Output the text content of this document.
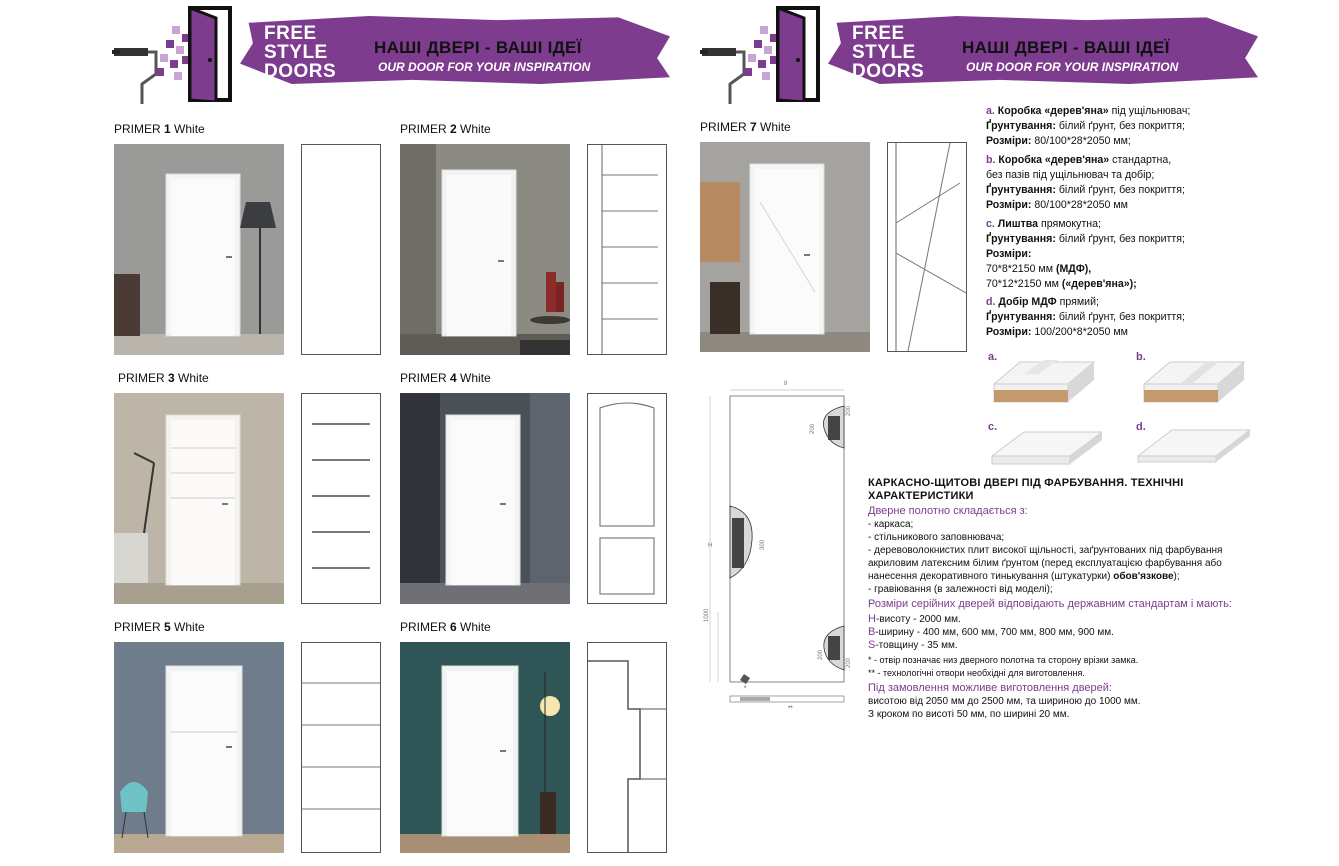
FREE
STYLE
DOORS
НАШІ ДВЕРІ - ВАШІ ІДЕЇ
OUR DOOR FOR YOUR INSPIRATION
FREE
STYLE
DOORS
НАШІ ДВЕРІ - ВАШІ ІДЕЇ
OUR DOOR FOR YOUR INSPIRATION
PRIMER 1 White	PRIMER 2 White
PRIMER 3 White	PRIMER 4 White
PRIMER 5 White	PRIMER 6 White
PRIMER 7 White
a. Коробка «дерев'яна» під ущільнювач;
Ґрунтування: білий ґрунт, без покриття;
Розміри: 80/100*28*2050 мм;
b. Коробка «дерев'яна» стандартна,
без пазів під ущільнювач та добір;
Ґрунтування: білий ґрунт, без покриття;
Розміри: 80/100*28*2050 мм
c. Лиштва прямокутна;
Ґрунтування: білий ґрунт, без покриття;
Розміри:
70*8*2150 мм (МДФ),
70*12*2150 мм («дерев'яна»);
d. Добір МДФ прямий;
Ґрунтування: білий ґрунт, без покриття;
Розміри: 100/200*8*2050 мм
a.	b.
c.	d.
8
H
1000
200
200
300
200
200
*
**
КАРКАСНО-ЩИТОВІ ДВЕРІ ПІД ФАРБУВАННЯ. ТЕХНІЧНІ ХАРАКТЕРИСТИКИ
Дверне полотно складається з:
- каркаса;
- стільникового заповнювача;
- деревоволокнистих плит високої щільності, заґрунтованих під фарбування акриловим латексним білим ґрунтом (перед експлуатацією фарбування або нанесення декоративного тинькування (штукатурки) обов'язкове);
- гравіювання (в залежності від моделі);
Розміри серійних дверей відповідають державним стандартам і мають:
H-висоту - 2000 мм.
B-ширину - 400 мм, 600 мм, 700 мм, 800 мм, 900 мм.
S-товщину - 35 мм.
* - отвір позначає низ дверного полотна та сторону врізки замка.
** - технологічні отвори необхідні для виготовлення.
Під замовлення можливе виготовлення дверей:
висотою від 2050 мм до 2500 мм, та шириною до 1000 мм.
З кроком по висоті 50 мм, по ширині 20 мм.
